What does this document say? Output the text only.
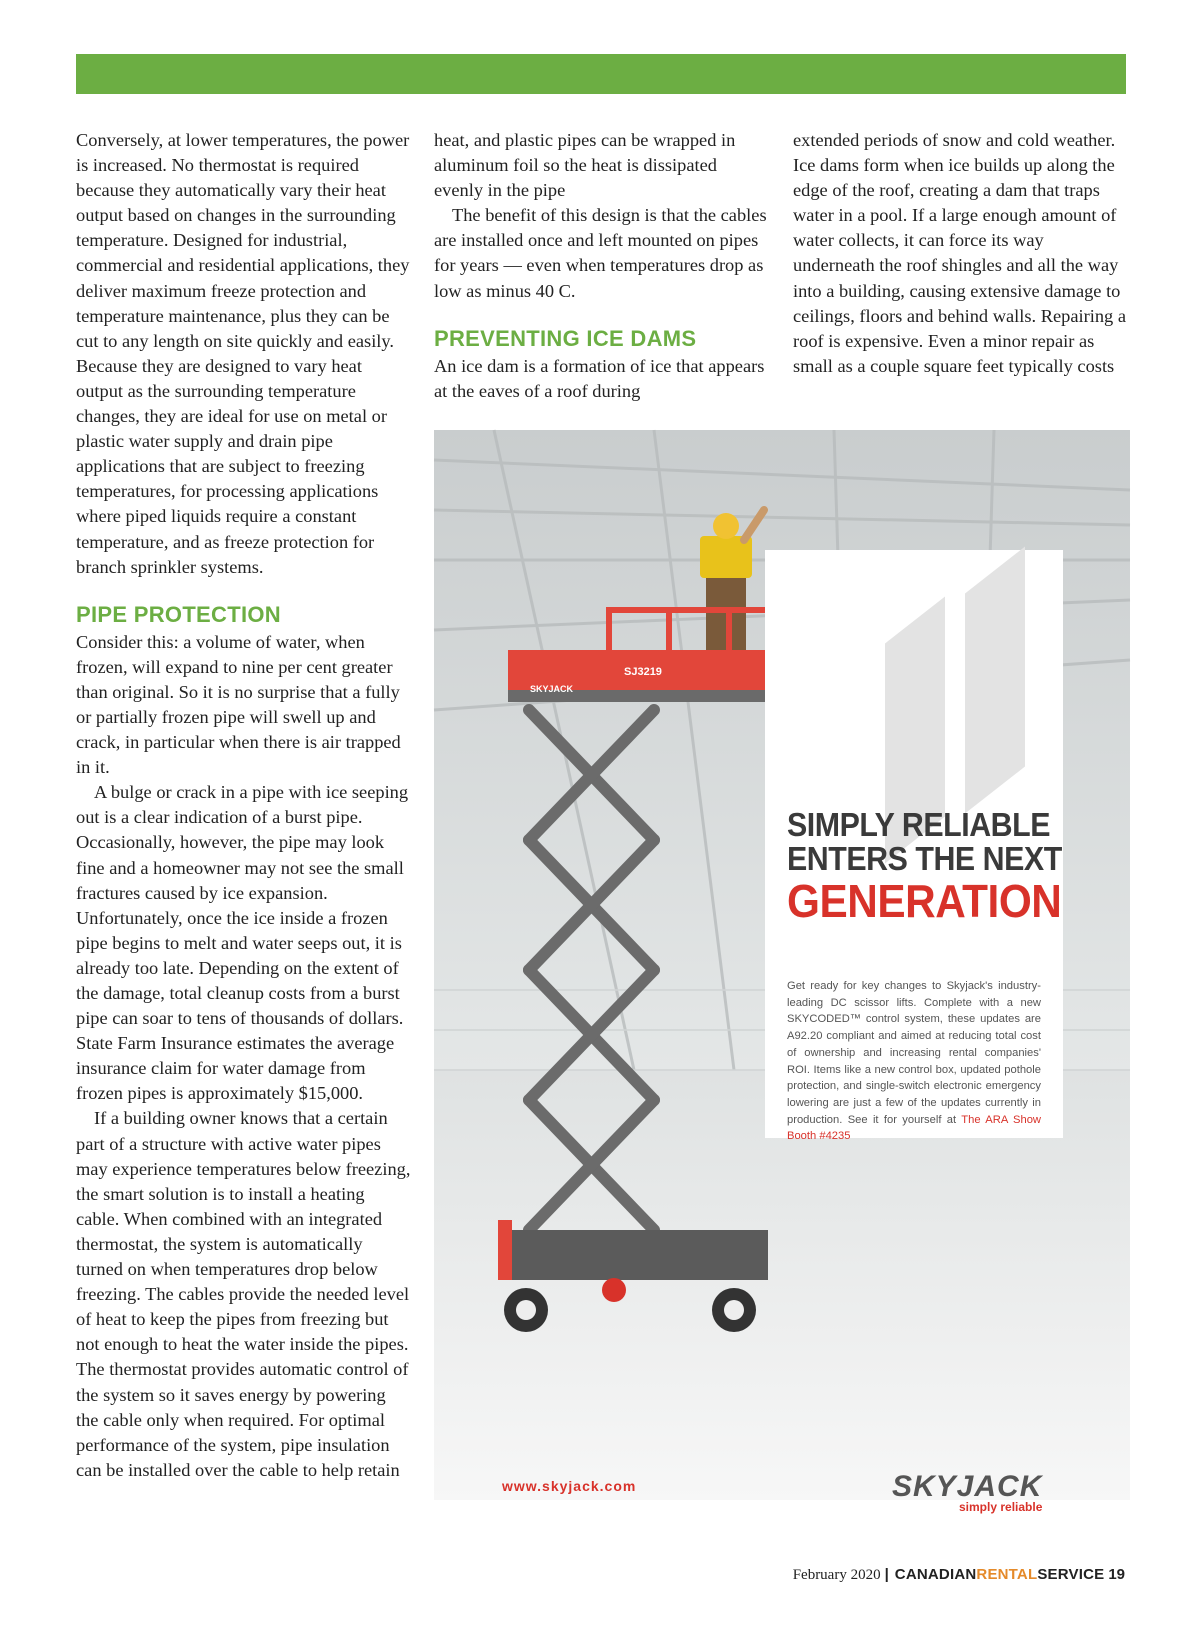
Conversely, at lower temperatures, the power is increased. No thermostat is required because they automatically vary their heat output based on changes in the surrounding temperature. Designed for industrial, commercial and residential applications, they deliver maximum freeze protection and temperature maintenance, plus they can be cut to any length on site quickly and easily. Because they are designed to vary heat output as the surrounding temperature changes, they are ideal for use on metal or plastic water supply and drain pipe applications that are subject to freezing temperatures, for processing applications where piped liquids require a constant temperature, and as freeze protection for branch sprinkler systems.

PIPE PROTECTION

Consider this: a volume of water, when frozen, will expand to nine per cent greater than original. So it is no surprise that a fully or partially frozen pipe will swell up and crack, in particular when there is air trapped in it.

A bulge or crack in a pipe with ice seeping out is a clear indication of a burst pipe. Occasionally, however, the pipe may look fine and a homeowner may not see the small fractures caused by ice expansion. Unfortunately, once the ice inside a frozen pipe begins to melt and water seeps out, it is already too late. Depending on the extent of the damage, total cleanup costs from a burst pipe can soar to tens of thousands of dollars. State Farm Insurance estimates the average insurance claim for water damage from frozen pipes is approximately $15,000.

If a building owner knows that a certain part of a structure with active water pipes may experience temperatures below freezing, the smart solution is to install a heating cable. When combined with an integrated thermostat, the system is automatically turned on when temperatures drop below freezing. The cables provide the needed level of heat to keep the pipes from freezing but not enough to heat the water inside the pipes. The thermostat provides automatic control of the system so it saves energy by powering the cable only when required. For optimal performance of the system, pipe insulation can be installed over the cable to help retain

heat, and plastic pipes can be wrapped in aluminum foil so the heat is dissipated evenly in the pipe

The benefit of this design is that the cables are installed once and left mounted on pipes for years — even when temperatures drop as low as minus 40 C.

PREVENTING ICE DAMS

An ice dam is a formation of ice that appears at the eaves of a roof during

extended periods of snow and cold weather. Ice dams form when ice builds up along the edge of the roof, creating a dam that traps water in a pool. If a large enough amount of water collects, it can force its way underneath the roof shingles and all the way into a building, causing extensive damage to ceilings, floors and behind walls. Repairing a roof is expensive. Even a minor repair as small as a couple square feet typically costs

SJ3219
SKYJACK
SIMPLY RELIABLE
ENTERS THE NEXT
GENERATION
Get ready for key changes to Skyjack's industry-leading DC scissor lifts. Complete with a new SKYCODED™ control system, these updates are A92.20 compliant and aimed at reducing total cost of ownership and increasing rental companies' ROI. Items like a new control box, updated pothole protection, and single-switch electronic emergency lowering are just a few of the updates currently in production. See it for yourself at The ARA Show Booth #4235
www.skyjack.com	SKYJACK
simply reliable
February 2020 | CANADIANRENTALSERVICE 19
